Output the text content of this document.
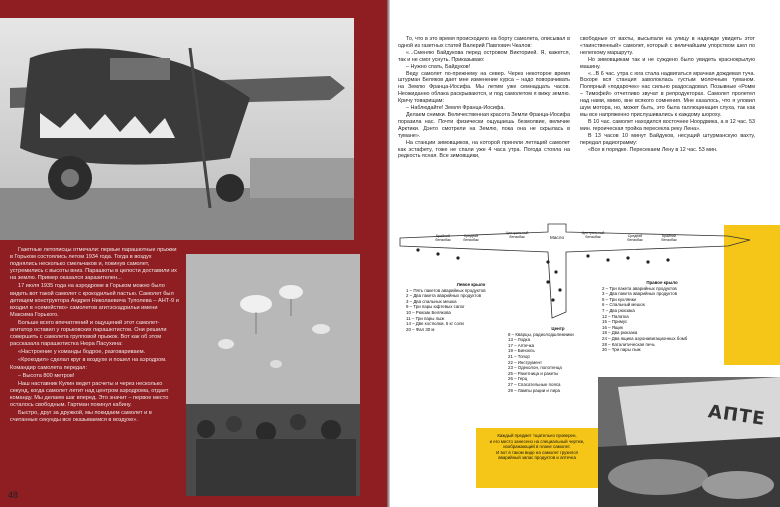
Газетные летописцы отмечали: первые парашютные прыжки в Горьком состоялись летом 1934 года. Тогда в воздух поднялись несколько смельчаков и, покинув самолет, устремились с высоты вниз. Парашюты в целости доставили их на землю. Пример оказался заразителен...

17 июля 1935 года на аэродроме в Горьком можно было видеть вот такой самолет с крокодильей пастью. Самолет был детищем конструктора Андрея Николаевича Туполева – АНТ-9 и входил в «семейство» самолетов агитэскадрильи имени Максима Горького.

Больше всего впечатлений и ощущений этот самолет-агитатор оставил у горьковских парашютистов. Они решили совершить с самолета групповой прыжок. Вот как об этом рассказала парашютистка Нюра Пасухина:

«Настроение у команды бодрое, разговариваем.

«Крокодил» сделал круг в воздухе и пошел на аэродром. Командир самолета передал:

– Высота 800 метров!

Наш наставник Кулин ведет расчеты и через несколько секунд, когда самолет летит над центром аэродрома, отдает команду. Мы делаем шаг вперед. Это значит – первое место осталось свободным. Гартман покинул кабину.

Быстро, друг за дружкой, мы покидаем самолет и в считанные секунды все оказываемся в воздухе».

48

То, что в это время происходило на борту самолета, описывал в одной из газетных статей Валерий Павлович Чкалов:

«...Сменяю Байдукова перед островом Викторией. Я, кажется, так и не смог уснуть. Приказываю:

– Нужно спать, Байдуков!

Веду самолет по-прежнему на север. Через некоторое время штурман Беляков дает мне изменение курса – надо поворачивать на Землю Франца-Иосифа. Мы летим уже семнадцать часов. Неожиданно облака раскрываются, и под самолетом я вижу землю. Кричу товарищам:

– Наблюдайте! Земля Франца-Иосифа.

Делаем снимки. Величественная красота Земли Франца-Иосифа поразила нас. Почти физически ощущаешь безмолвие, величие Арктики. Дэнто смотрели на Землю, пока она не скрылась в тумане».

На станции зимовщиков, на которой приняли летящий самолет как эстафету, тоже не спали уже 4 часа утра. Погода стояла на редкость ясная. Все зимовщики,

свободные от вахты, высыпали на улицу в надежде увидеть этот «таинственный» самолет, который с величайшим упорством шел по нелегкому маршруту.

Но зимовщикам так и не суждено было увидеть краснокрылую машину.

«...В 6 час. утра с юга стала надвигаться мрачная дождевая туча. Вскоре вся станция заволоклась густым молочным туманом. Полярный «подарочек» нас сильно раздосадовал. Позывные «Ромм – Тимофей» отчетливо звучат в репродукторах. Самолет пролетел над нами, мимо, вне всякого сомнения. Мне казалось, что я уловил шум мотора, но, может быть, это была галлюцинация слуха, так как мы все напряженно прислушивались к каждому шороху.

В 10 час. самолет находился восточнее Ноордвика, а в 12 час. 53 мин. героическая тройка пересекла реку Лена».

В 13 часов 10 минут Байдуков, несущий штурманскую вахту, передал радиограмму:

«Все в порядке. Пересекаем Лену в 12 час. 53 мин.

Крайний бензобак
Средний бензобак
Центральный бензобак	Масло
Центральный бензобак	Средний бензобак
Крайний бензобак
Левое крыло
1 – Пять пакетов аварийных продуктов
2 – Два пакета аварийных продуктов
3 – Два спальных мешка
9 – Три пары юфтевых сапог
10 – Рюкзак Белякова
11 – Три пары лыж
14 – Две костюлки, 5 кг соли
20 – Фал 30 м	Центр
8 – Кварцы, радиолодшлемники
13 – Лодка
17 – Аптечка
19 – Бинокль
21 – Топор
22 – Инструмент
23 – Одеколон, полотенца
25 – Ракетница и ракеты
26 – Герц
27 – Спасательные пояса
29 – Лампы рации и лира
Правое крыло
2 – Три пакета аварийных продуктов
3 – Два пакета аварийных продуктов
5 – Три кухлянки
6 – Спальный мешок
7 – Два рюкзака
12 – Палатка
15 – Примус
16 – Ящик
18 – Два рюкзака
24 – Два ящика аэронавигационных бомб
28 – Каталитическая печь
30 – Три пары лыж
Каждый предмет тщательно проверен,
и его место занесено на специальный чертеж,
изображающий в плане самолет.
И вот в таком виде на самолет грузился
аварийный запас продуктов и аптечка
АПТЕ
